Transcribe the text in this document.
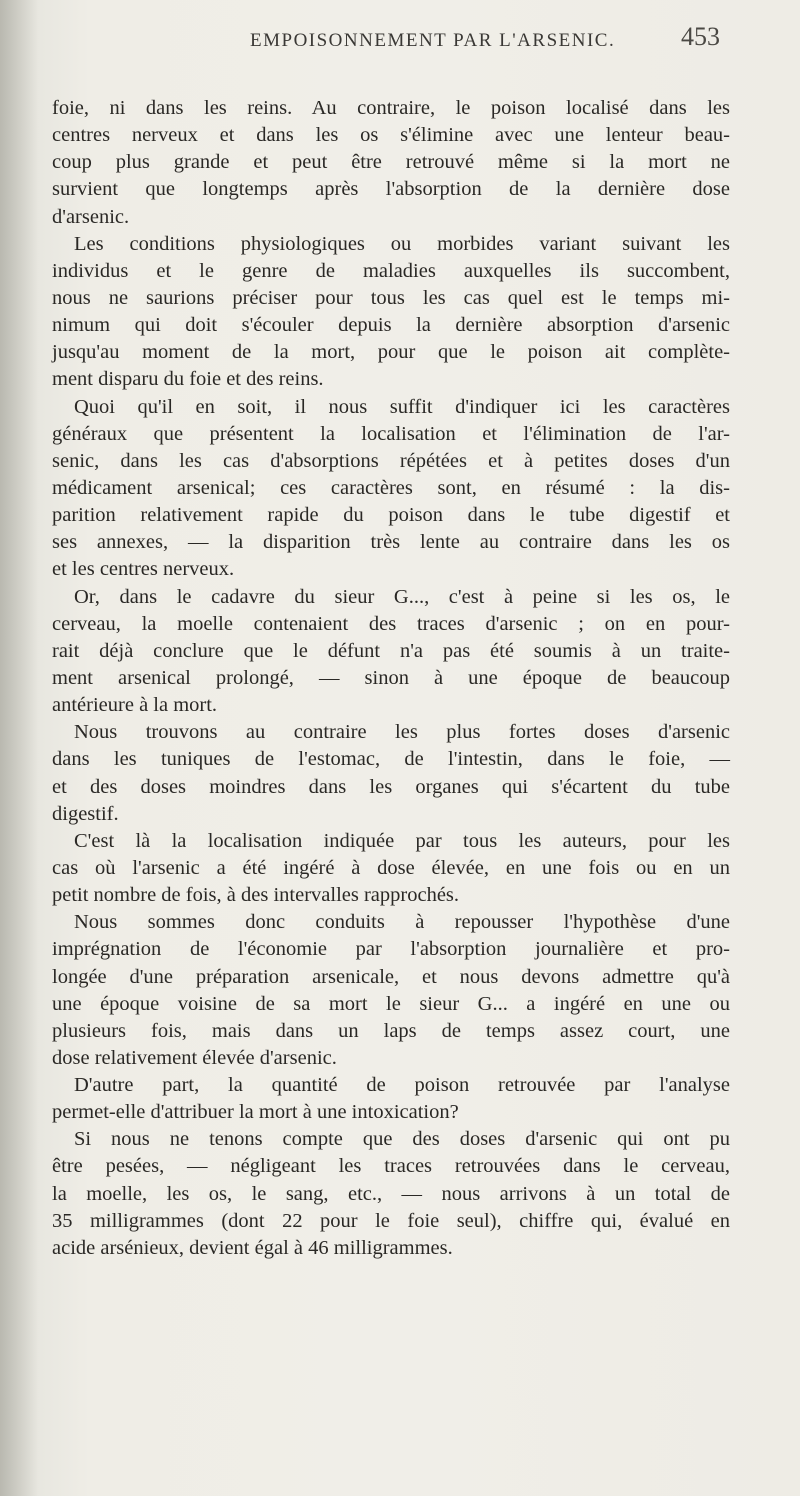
EMPOISONNEMENT PAR L'ARSENIC.	453
foie, ni dans les reins. Au contraire, le poison localisé dans les
centres nerveux et dans les os s'élimine avec une lenteur beau-
coup plus grande et peut être retrouvé même si la mort ne
survient que longtemps après l'absorption de la dernière dose
d'arsenic.
Les conditions physiologiques ou morbides variant suivant les
individus et le genre de maladies auxquelles ils succombent,
nous ne saurions préciser pour tous les cas quel est le temps mi-
nimum qui doit s'écouler depuis la dernière absorption d'arsenic
jusqu'au moment de la mort, pour que le poison ait complète-
ment disparu du foie et des reins.
Quoi qu'il en soit, il nous suffit d'indiquer ici les caractères
généraux que présentent la localisation et l'élimination de l'ar-
senic, dans les cas d'absorptions répétées et à petites doses d'un
médicament arsenical; ces caractères sont, en résumé : la dis-
parition relativement rapide du poison dans le tube digestif et
ses annexes, — la disparition très lente au contraire dans les os
et les centres nerveux.
Or, dans le cadavre du sieur G..., c'est à peine si les os, le
cerveau, la moelle contenaient des traces d'arsenic ; on en pour-
rait déjà conclure que le défunt n'a pas été soumis à un traite-
ment arsenical prolongé, — sinon à une époque de beaucoup
antérieure à la mort.
Nous trouvons au contraire les plus fortes doses d'arsenic
dans les tuniques de l'estomac, de l'intestin, dans le foie, —
et des doses moindres dans les organes qui s'écartent du tube
digestif.
C'est là la localisation indiquée par tous les auteurs, pour les
cas où l'arsenic a été ingéré à dose élevée, en une fois ou en un
petit nombre de fois, à des intervalles rapprochés.
Nous sommes donc conduits à repousser l'hypothèse d'une
imprégnation de l'économie par l'absorption journalière et pro-
longée d'une préparation arsenicale, et nous devons admettre qu'à
une époque voisine de sa mort le sieur G... a ingéré en une ou
plusieurs fois, mais dans un laps de temps assez court, une
dose relativement élevée d'arsenic.
D'autre part, la quantité de poison retrouvée par l'analyse
permet-elle d'attribuer la mort à une intoxication?
Si nous ne tenons compte que des doses d'arsenic qui ont pu
être pesées, — négligeant les traces retrouvées dans le cerveau,
la moelle, les os, le sang, etc., — nous arrivons à un total de
35 milligrammes (dont 22 pour le foie seul), chiffre qui, évalué en
acide arsénieux, devient égal à 46 milligrammes.
